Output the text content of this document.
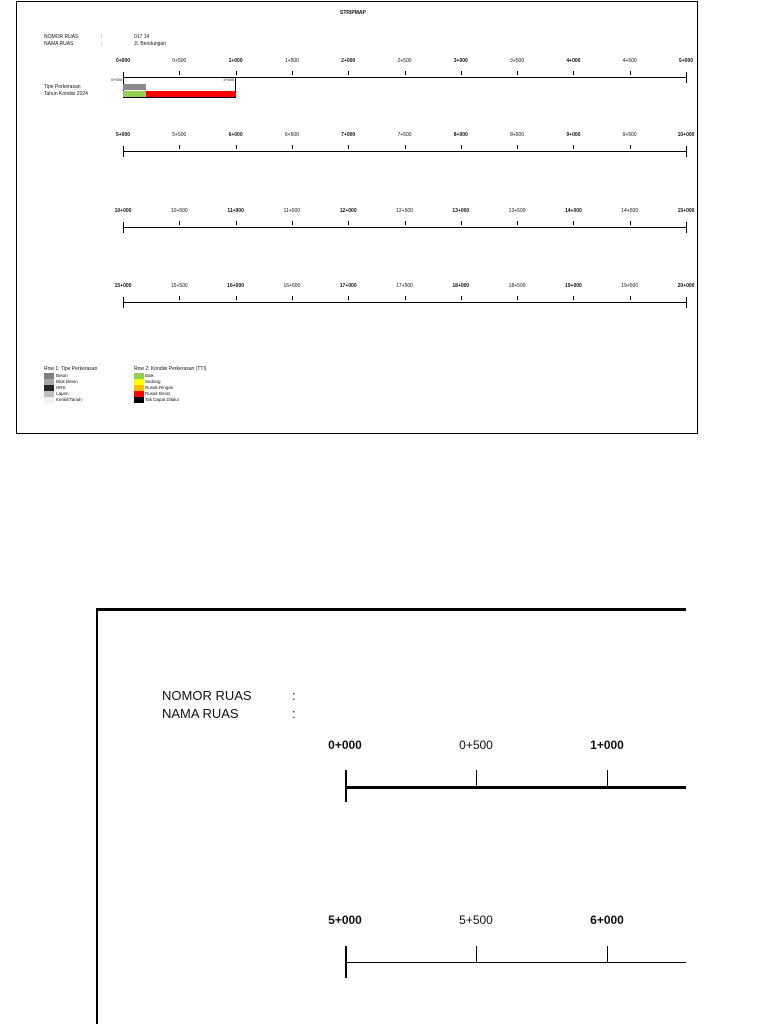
STRIPMAP
NOMOR RUAS	:	017 14
NAMA RUAS	:	Jl. Bendungan
0+000	0+500	1+000	1+500	2+000	2+500	3+000	3+500	4+000	4+500	5+000
5+000	5+500	6+000	6+500	7+000	7+500	8+000	8+500	9+000	9+500	10+000
10+000	10+500	11+000	11+500	12+000	12+500	13+000	13+500	14+000	14+500	15+000
15+000	15+500	16+000	16+500	17+000	17+500	18+000	18+500	19+000	19+500	20+000
Tipe Perkerasan
Tahun Kondisi 2024
0+000	1+000
Row 1: Tipe Perkerasan	Row 2: Kondisi Perkerasan (TTI)
Beton
Blok Beton
HRS
Lapen
Kerikil/Tanah
Baik
Sedang
Rusak Ringan
Rusak Berat
Tak Dapat Dilalui
NOMOR RUAS	:
NAMA RUAS	:
0+000	0+500	1+000
5+000	5+500	6+000
